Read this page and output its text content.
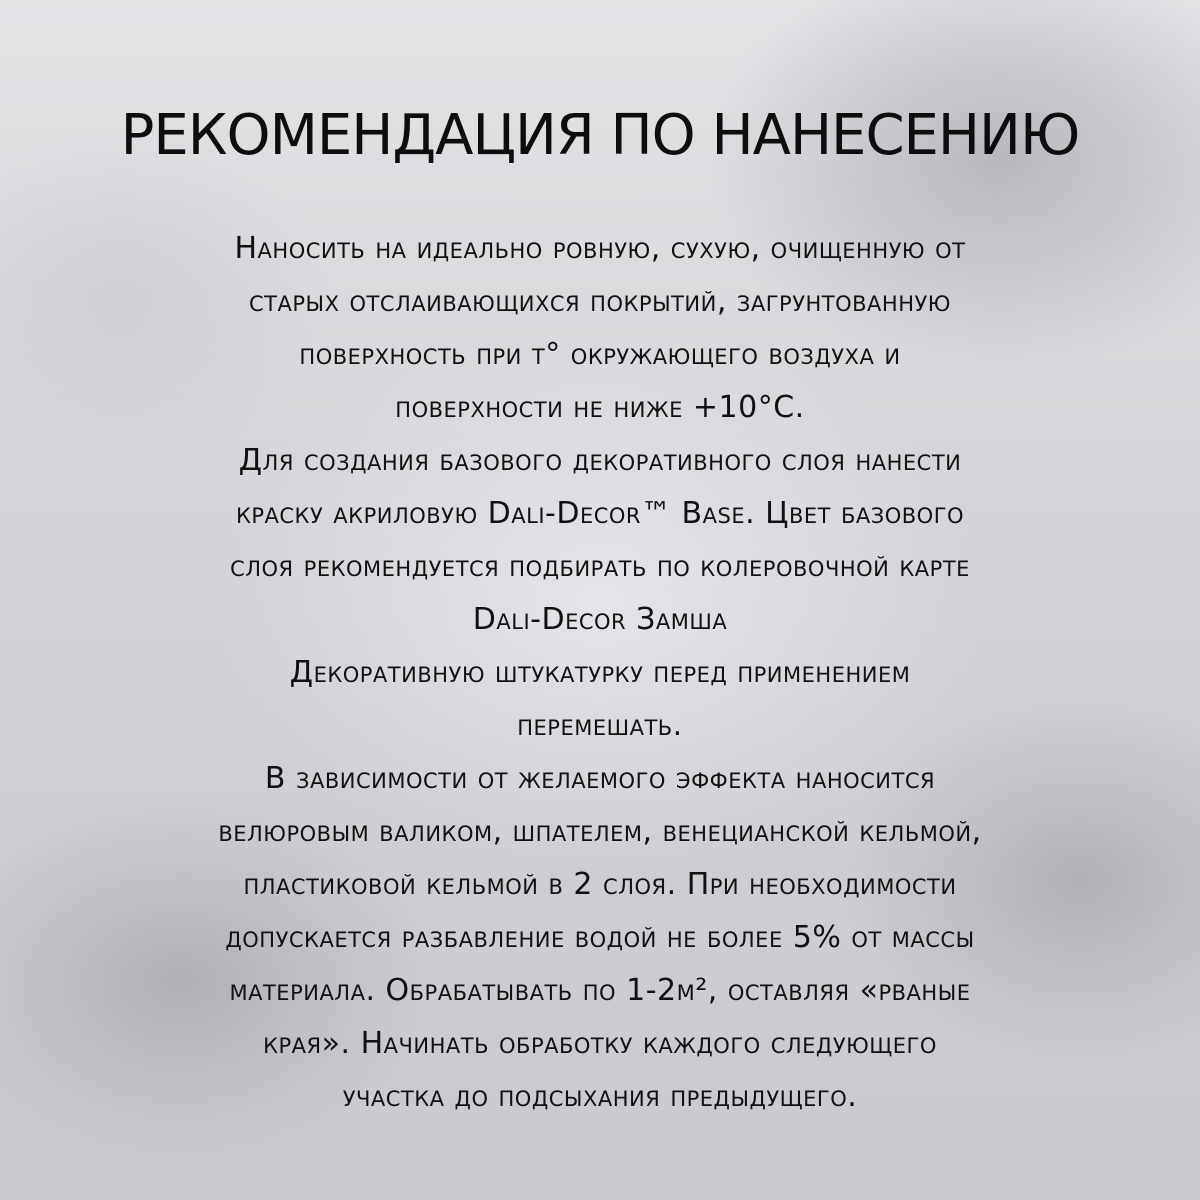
РЕКОМЕНДАЦИЯ ПО НАНЕСЕНИЮ
Наносить на идеально ровную, сухую, очищенную от
старых отслаивающихся покрытий, загрунтованную
поверхность при t° окружающего воздуха и
поверхности не ниже +10°C.
Для создания базового декоративного слоя нанести
краску акриловую Dali-Decor™ Base. Цвет базового
слоя рекомендуется подбирать по колеровочной карте
Dali-Decor Замша
Декоративную штукатурку перед применением
перемешать.
В зависимости от желаемого эффекта наносится
велюровым валиком, шпателем, венецианской кельмой,
пластиковой кельмой в 2 слоя. При необходимости
допускается разбавление водой не более 5% от массы
материала. Обрабатывать по 1-2м², оставляя «рваные
края». Начинать обработку каждого следующего
участка до подсыхания предыдущего.
